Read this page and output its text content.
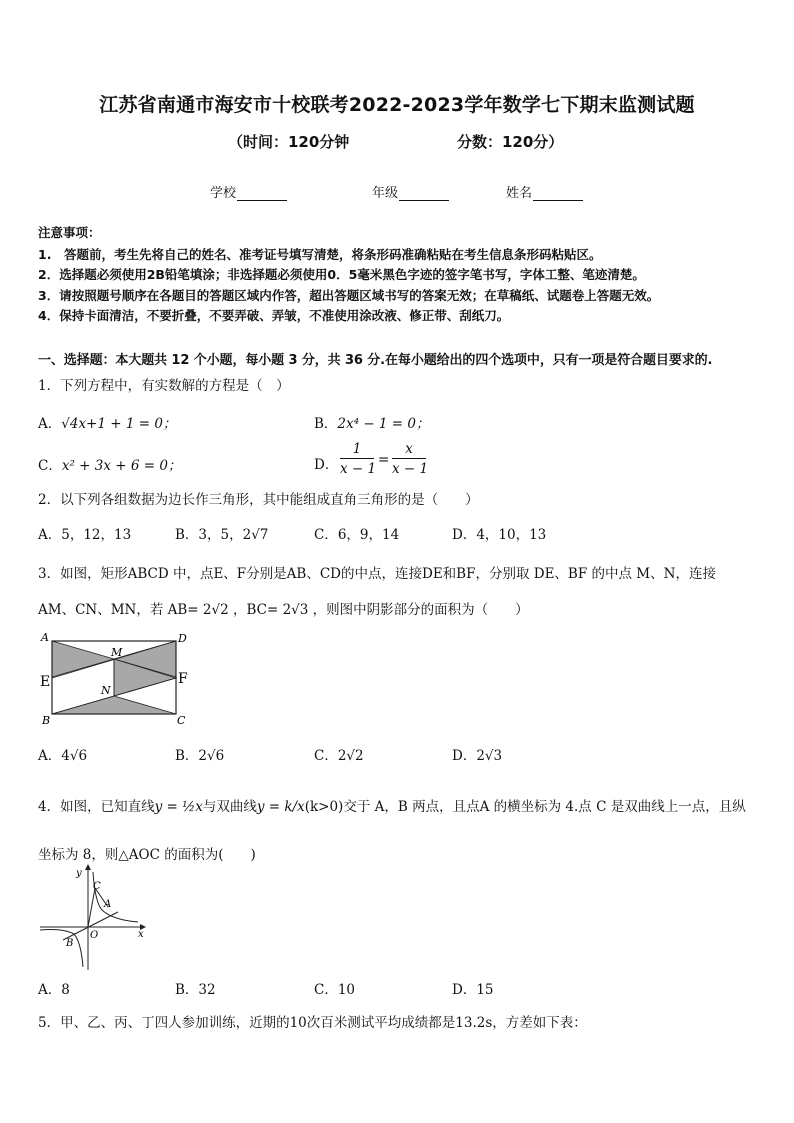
江苏省南通市海安市十校联考2022-2023学年数学七下期末监测试题
（时间：120分钟	分数：120分）
学校	年级	姓名
注意事项：
1.　答题前，考生先将自己的姓名、准考证号填写清楚，将条形码准确粘贴在考生信息条形码粘贴区。
2．选择题必须使用2B铅笔填涂；非选择题必须使用0．5毫米黑色字迹的签字笔书写，字体工整、笔迹清楚。
3．请按照题号顺序在各题目的答题区域内作答，超出答题区域书写的答案无效；在草稿纸、试题卷上答题无效。
4．保持卡面清洁，不要折叠，不要弄破、弄皱，不准使用涂改液、修正带、刮纸刀。
一、选择题：本大题共 12 个小题，每小题 3 分，共 36 分.在每小题给出的四个选项中，只有一项是符合题目要求的.
1．下列方程中，有实数解的方程是（　）
A．√4x+1 + 1 = 0；	B．2x⁴ − 1 = 0；
C．x² + 3x + 6 = 0；	D．
1
x − 1
=
x
x − 1
2．以下列各组数据为边长作三角形，其中能组成直角三角形的是（　　）
A．5，12，13	B．3，5，2√7	C．6，9，14	D．4，10，13
3．如图，矩形ABCD 中，点E、F分别是AB、CD的中点，连接DE和BF，分别取 DE、BF 的中点 M、N，连接
AM、CN、MN，若 AB= 2√2 ，BC= 2√3 ，则图中阴影部分的面积为（　　）
A	D
M
E	F
N
B	C
A．4√6	B．2√6	C．2√2	D．2√3
4．如图，已知直线y = ½x与双曲线y = k/x(k>0)交于 A，B 两点，且点A 的横坐标为 4.点 C 是双曲线上一点，且纵
坐标为 8，则△AOC 的面积为(　　)
y
x
O
A
B
C
A．8	B．32	C．10	D．15
5．甲、乙、丙、丁四人参加训练，近期的10次百米测试平均成绩都是13.2s，方差如下表：
